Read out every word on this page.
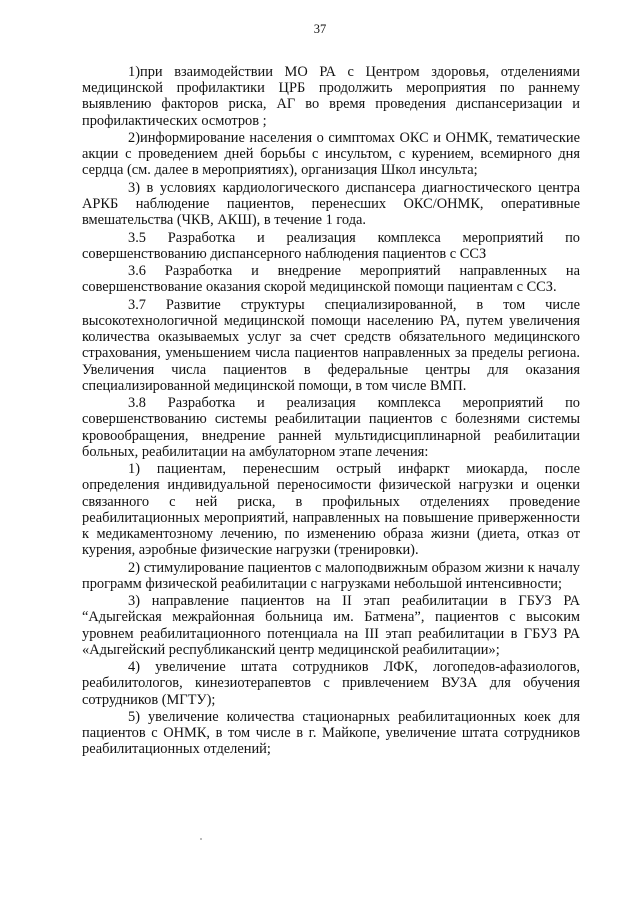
37

1)при взаимодействии МО РА с Центром здоровья, отделениями медицинской профилактики ЦРБ продолжить мероприятия по раннему выявлению факторов риска, АГ во время проведения диспансеризации и профилактических осмотров ;

2)информирование населения о симптомах ОКС и ОНМК, тематические акции с проведением дней борьбы с инсультом, с курением, всемирного дня сердца (см. далее в мероприятиях), организация Школ инсульта;

3) в условиях кардиологического диспансера диагностического центра АРКБ наблюдение пациентов, перенесших ОКС/ОНМК, оперативные вмешательства (ЧКВ, АКШ), в течение 1 года.

3.5 Разработка и реализация комплекса мероприятий по совершенствованию диспансерного наблюдения пациентов с ССЗ

3.6 Разработка и внедрение мероприятий направленных на совершенствование оказания скорой медицинской помощи пациентам с ССЗ.

3.7 Развитие структуры специализированной, в том числе высокотехнологичной медицинской помощи населению РА, путем увеличения количества оказываемых услуг за счет средств обязательного медицинского страхования, уменьшением числа пациентов направленных за пределы региона. Увеличения числа пациентов в федеральные центры для оказания специализированной медицинской помощи, в том числе ВМП.

3.8 Разработка и реализация комплекса мероприятий по совершенствованию системы реабилитации пациентов с болезнями системы кровообращения, внедрение ранней мультидисциплинарной реабилитации больных, реабилитации на амбулаторном этапе лечения:

1) пациентам, перенесшим острый инфаркт миокарда, после определения индивидуальной переносимости физической нагрузки и оценки связанного с ней риска, в профильных отделениях проведение реабилитационных мероприятий, направленных на повышение приверженности к медикаментозному лечению, по изменению образа жизни (диета, отказ от курения, аэробные физические нагрузки (тренировки).

2) стимулирование пациентов с малоподвижным образом жизни к началу программ физической реабилитации с нагрузками небольшой интенсивности;

3) направление пациентов на II этап реабилитации в ГБУЗ РА “Адыгейская межрайонная больница им. Батмена”, пациентов с высоким уровнем реабилитационного потенциала на III этап реабилитации в ГБУЗ РА «Адыгейский республиканский центр медицинской реабилитации»;

4) увеличение штата сотрудников ЛФК, логопедов-афазиологов, реабилитологов, кинезиотерапевтов с привлечением ВУЗА для обучения сотрудников (МГТУ);

5) увеличение количества стационарных реабилитационных коек для пациентов с ОНМК, в том числе в г. Майкопе, увеличение штата сотрудников реабилитационных отделений;
